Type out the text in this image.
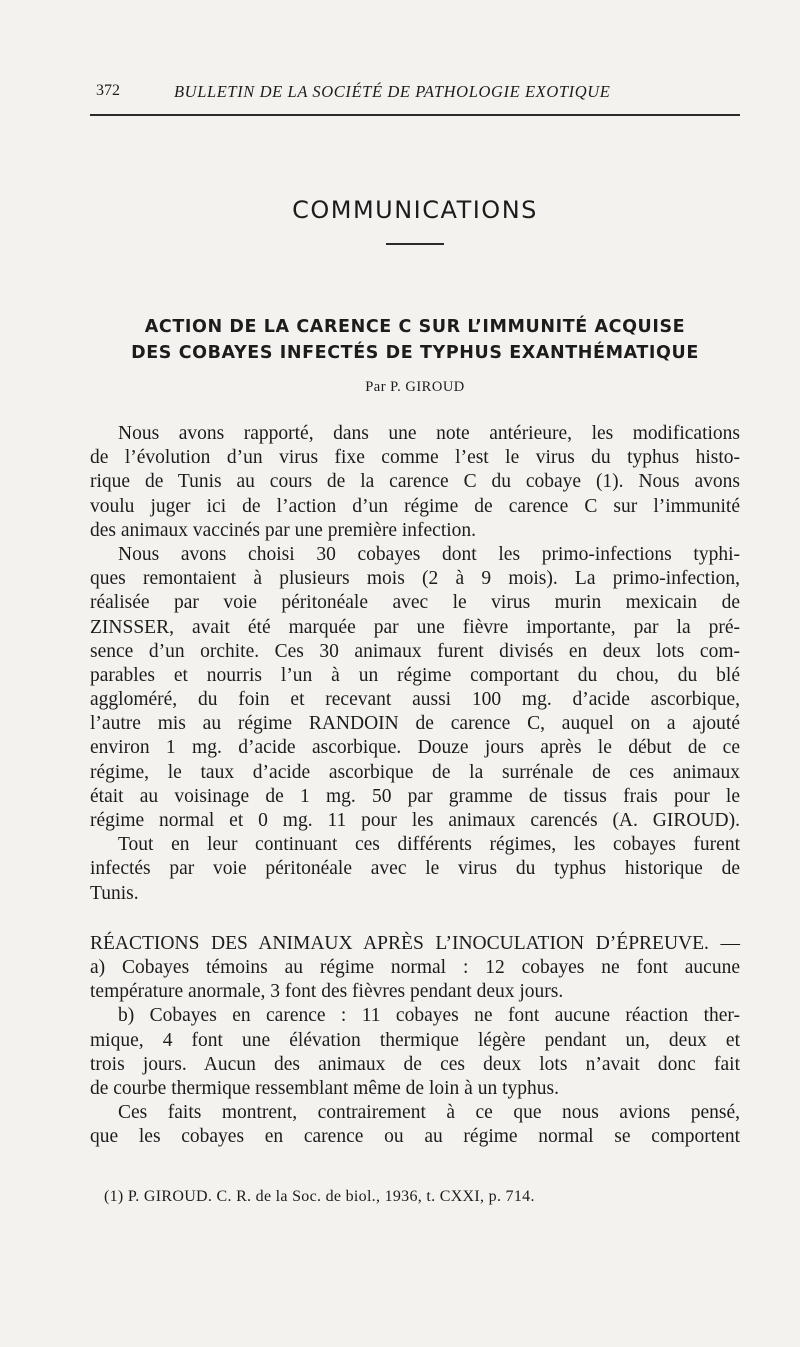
372	BULLETIN DE LA SOCIÉTÉ DE PATHOLOGIE EXOTIQUE
COMMUNICATIONS
ACTION DE LA CARENCE C SUR L’IMMUNITÉ ACQUISE
DES COBAYES INFECTÉS DE TYPHUS EXANTHÉMATIQUE
Par P. GIROUD
Nous avons rapporté, dans une note antérieure, les modifications
de l’évolution d’un virus fixe comme l’est le virus du typhus histo-
rique de Tunis au cours de la carence C du cobaye (1). Nous avons
voulu juger ici de l’action d’un régime de carence C sur l’immunité
des animaux vaccinés par une première infection.
Nous avons choisi 30 cobayes dont les primo-infections typhi-
ques remontaient à plusieurs mois (2 à 9 mois). La primo-infection,
réalisée par voie péritonéale avec le virus murin mexicain de
ZINSSER, avait été marquée par une fièvre importante, par la pré-
sence d’un orchite. Ces 30 animaux furent divisés en deux lots com-
parables et nourris l’un à un régime comportant du chou, du blé
aggloméré, du foin et recevant aussi 100 mg. d’acide ascorbique,
l’autre mis au régime RANDOIN de carence C, auquel on a ajouté
environ 1 mg. d’acide ascorbique. Douze jours après le début de ce
régime, le taux d’acide ascorbique de la surrénale de ces animaux
était au voisinage de 1 mg. 50 par gramme de tissus frais pour le
régime normal et 0 mg. 11 pour les animaux carencés (A. GIROUD).
Tout en leur continuant ces différents régimes, les cobayes furent
infectés par voie péritonéale avec le virus du typhus historique de
Tunis.
RÉACTIONS DES ANIMAUX APRÈS L’INOCULATION D’ÉPREUVE. —
a) Cobayes témoins au régime normal : 12 cobayes ne font aucune
température anormale, 3 font des fièvres pendant deux jours.
b) Cobayes en carence : 11 cobayes ne font aucune réaction ther-
mique, 4 font une élévation thermique légère pendant un, deux et
trois jours. Aucun des animaux de ces deux lots n’avait donc fait
de courbe thermique ressemblant même de loin à un typhus.
Ces faits montrent, contrairement à ce que nous avions pensé,
que les cobayes en carence ou au régime normal se comportent
(1) P. GIROUD. C. R. de la Soc. de biol., 1936, t. CXXI, p. 714.
